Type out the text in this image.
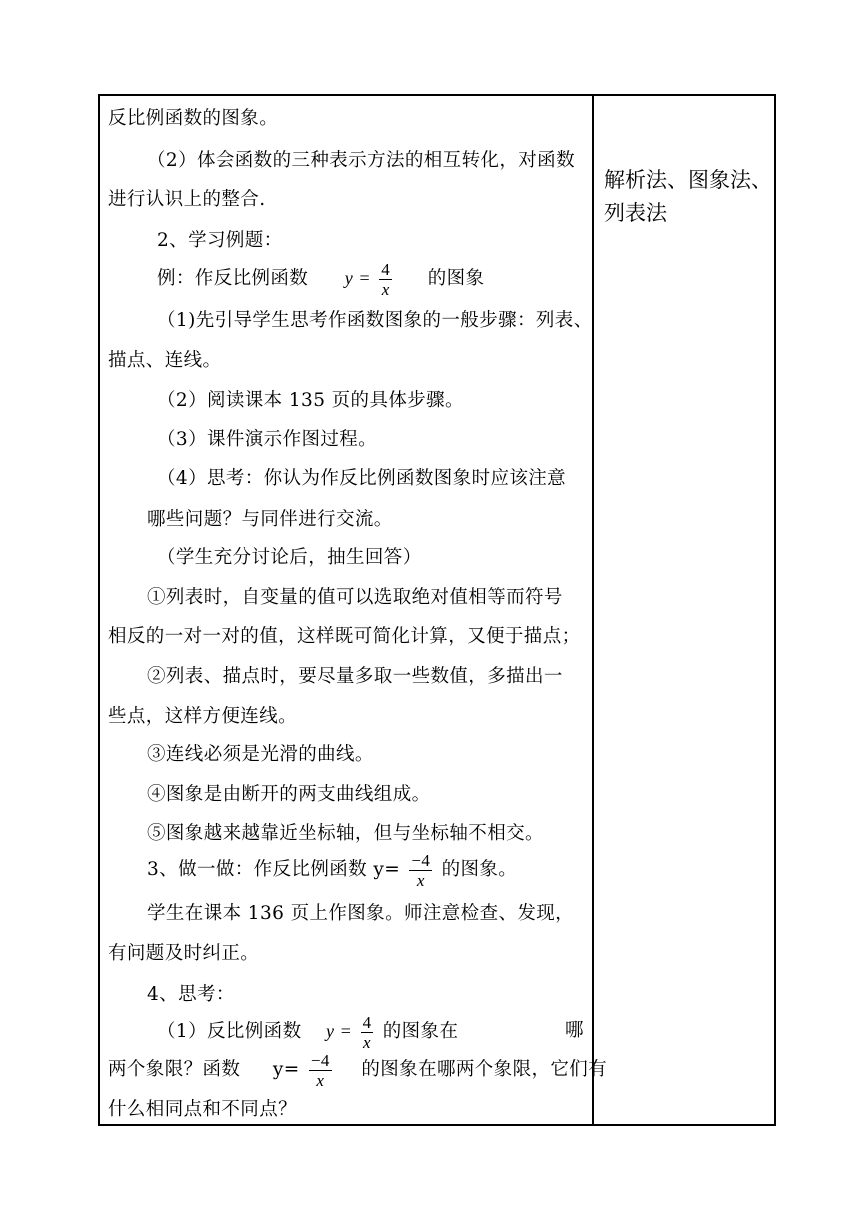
反比例函数的图象。
（2）体会函数的三种表示方法的相互转化，对函数
进行认识上的整合.
2、学习例题：
例：作反比例函数 $y = \frac{4}{x}$ 的图象
（1)先引导学生思考作函数图象的一般步骤：列表、
描点、连线。
（2）阅读课本 135 页的具体步骤。
（3）课件演示作图过程。
（4）思考：你认为作反比例函数图象时应该注意
哪些问题？与同伴进行交流。
（学生充分讨论后，抽生回答）
①列表时，自变量的值可以选取绝对值相等而符号
相反的一对一对的值，这样既可简化计算，又便于描点；
②列表、描点时，要尽量多取一些数值，多描出一
些点，这样方便连线。
③连线必须是光滑的曲线。
④图象是由断开的两支曲线组成。
⑤图象越来越靠近坐标轴，但与坐标轴不相交。
3、做一做：作反比例函数 $y= \frac{-4}{x}$ 的图象。
学生在课本 136 页上作图象。师注意检查、发现，
有问题及时纠正。
4、思考：
（1）反比例函数 $y = \frac{4}{x}$ 的图象在	哪
两个象限？函数 $y= \frac{-4}{x}$ 的图象在哪两个象限，它们有
什么相同点和不同点？
解析法、图象法、
列表法
